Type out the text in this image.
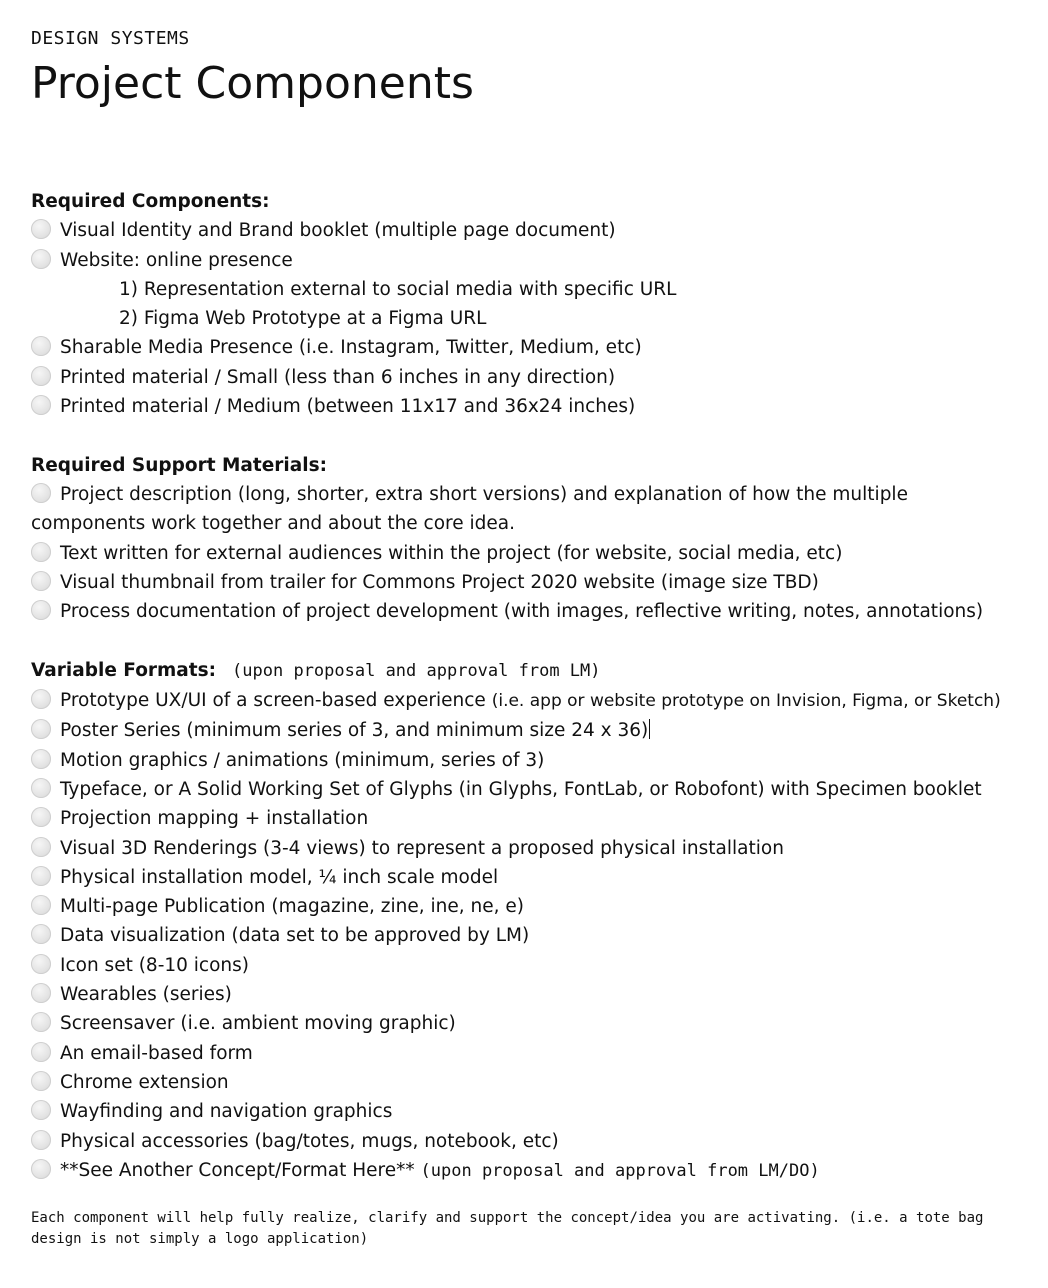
DESIGN SYSTEMS
Project Components
Required Components:
Visual Identity and Brand booklet (multiple page document)
Website: online presence
1) Representation external to social media with specific URL
2) Figma Web Prototype at a Figma URL
Sharable Media Presence (i.e. Instagram, Twitter, Medium, etc)
Printed material / Small (less than 6 inches in any direction)
Printed material / Medium (between 11x17 and 36x24 inches)
Required Support Materials:
Project description (long, shorter, extra short versions) and explanation of how the multiple components work together and about the core idea.
Text written for external audiences within the project (for website, social media, etc)
Visual thumbnail from trailer for Commons Project 2020 website (image size TBD)
Process documentation of project development (with images, reflective writing, notes, annotations)
Variable Formats: (upon proposal and approval from LM)
Prototype UX/UI of a screen-based experience (i.e. app or website prototype on Invision, Figma, or Sketch)
Poster Series (minimum series of 3, and minimum size 24 x 36)
Motion graphics / animations (minimum, series of 3)
Typeface, or A Solid Working Set of Glyphs (in Glyphs, FontLab, or Robofont) with Specimen booklet
Projection mapping + installation
Visual 3D Renderings (3-4 views) to represent a proposed physical installation
Physical installation model, ¼ inch scale model
Multi-page Publication (magazine, zine, ine, ne, e)
Data visualization (data set to be approved by LM)
Icon set (8-10 icons)
Wearables (series)
Screensaver (i.e. ambient moving graphic)
An email-based form
Chrome extension
Wayfinding and navigation graphics
Physical accessories (bag/totes, mugs, notebook, etc)
**See Another Concept/Format Here** (upon proposal and approval from LM/DO)
Each component will help fully realize, clarify and support the concept/idea you are activating. (i.e. a tote bag design is not simply a logo application)
